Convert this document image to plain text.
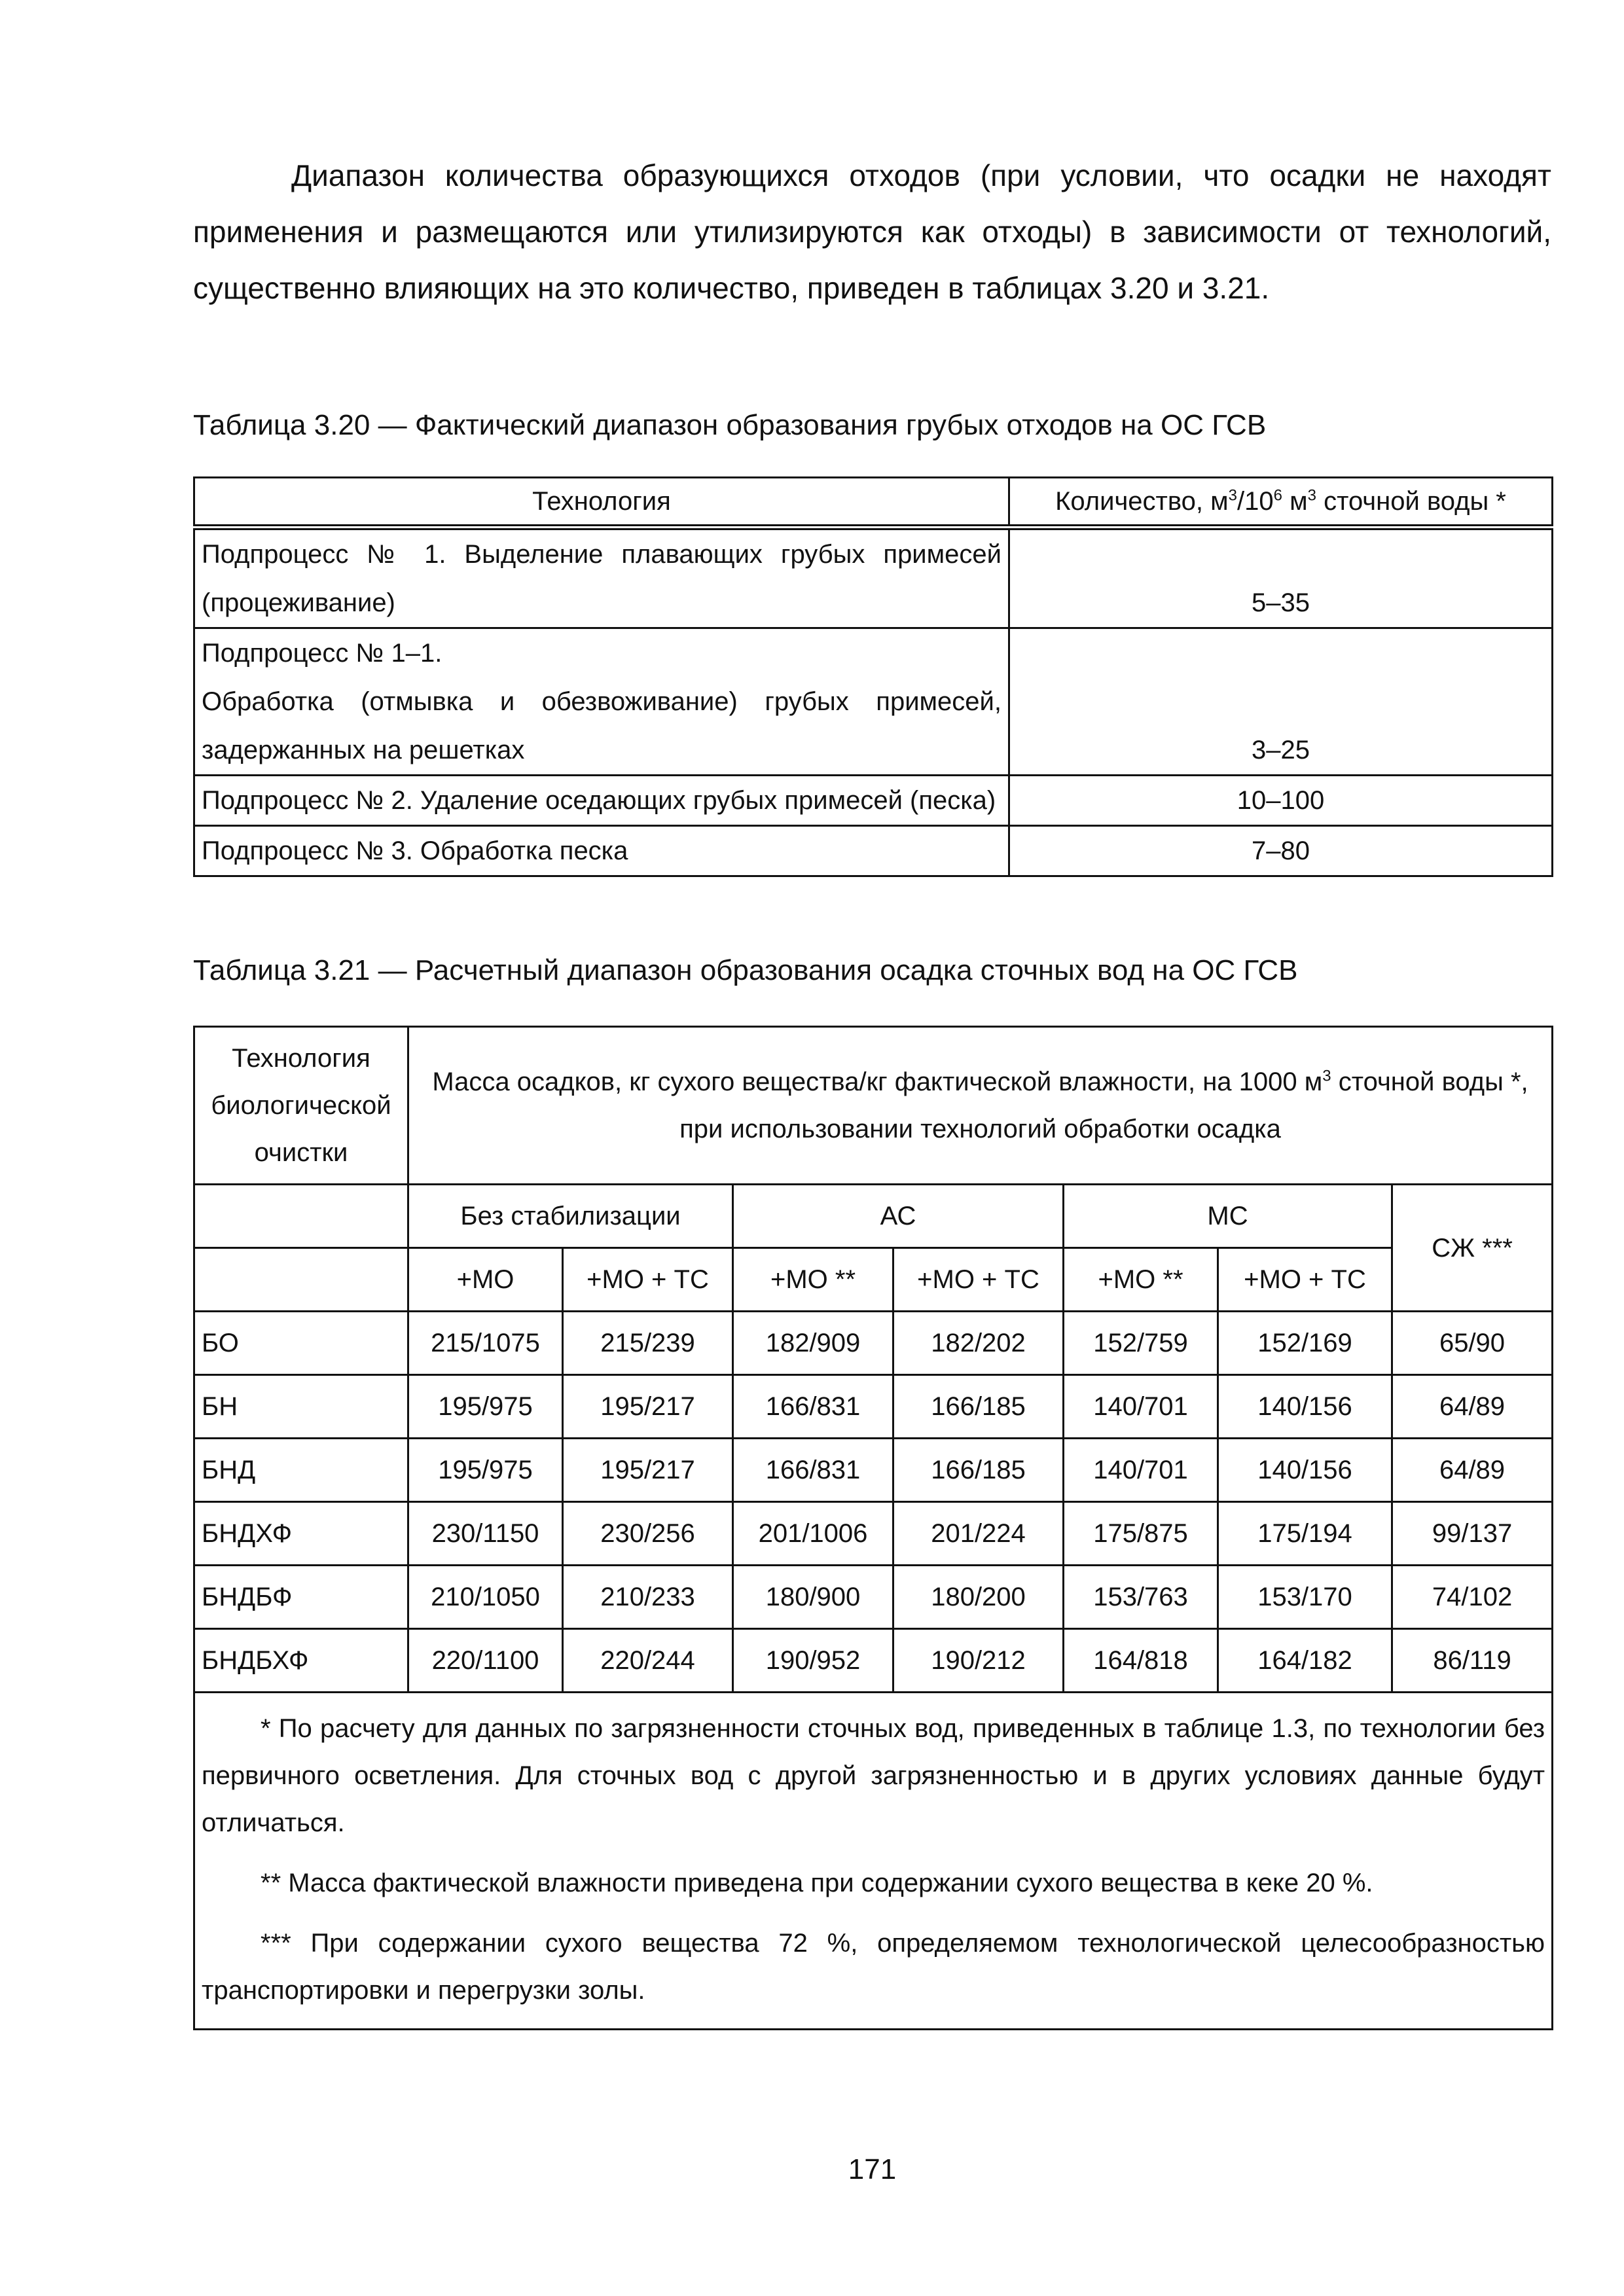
Диапазон количества образующихся отходов (при условии, что осадки не находят применения и размещаются или утилизируются как отходы) в зависимости от технологий, существенно влияющих на это количество, приведен в таблицах 3.20 и 3.21.

Таблица 3.20 — Фактический диапазон образования грубых отходов на ОС ГСВ

Технология	Количество, $м^3/10^6$ $м^3$ сточной воды *
Подпроцесс № 1. Выделение плавающих грубых примесей (процеживание)	5–35

Подпроцесс № 1–1.
Обработка (отмывка и обезвоживание) грубых примесей, задержанных на решетках	3–25
Подпроцесс № 2. Удаление оседающих грубых примесей (песка)	10–100
Подпроцесс № 3. Обработка песка	7–80

Таблица 3.21 — Расчетный диапазон образования осадка сточных вод на ОС ГСВ

Технология биологической очистки	Масса осадков, кг сухого вещества/кг фактической влажности, на 1000 $м^3$ сточной воды *, при использовании технологий обработки осадка						
	Без стабилизации		АС		МС		СЖ ***
	+МО	+МО + ТС	+МО **	+МО + ТС	+МО **	+МО + ТС	
БО	215/1075	215/239	182/909	182/202	152/759	152/169	65/90
БН	195/975	195/217	166/831	166/185	140/701	140/156	64/89
БНД	195/975	195/217	166/831	166/185	140/701	140/156	64/89
БНДХФ	230/1150	230/256	201/1006	201/224	175/875	175/194	99/137
БНДБФ	210/1050	210/233	180/900	180/200	153/763	153/170	74/102
БНДБХФ	220/1100	220/244	190/952	190/212	164/818	164/182	86/119

* По расчету для данных по загрязненности сточных вод, приведенных в таблице 1.3, по технологии без первичного осветления. Для сточных вод с другой загрязненностью и в других условиях данные будут отличаться.

** Масса фактической влажности приведена при содержании сухого вещества в кеке 20 %.

*** При содержании сухого вещества 72 %, определяемом технологической целесообразностью транспортировки и перегрузки золы.							

171
